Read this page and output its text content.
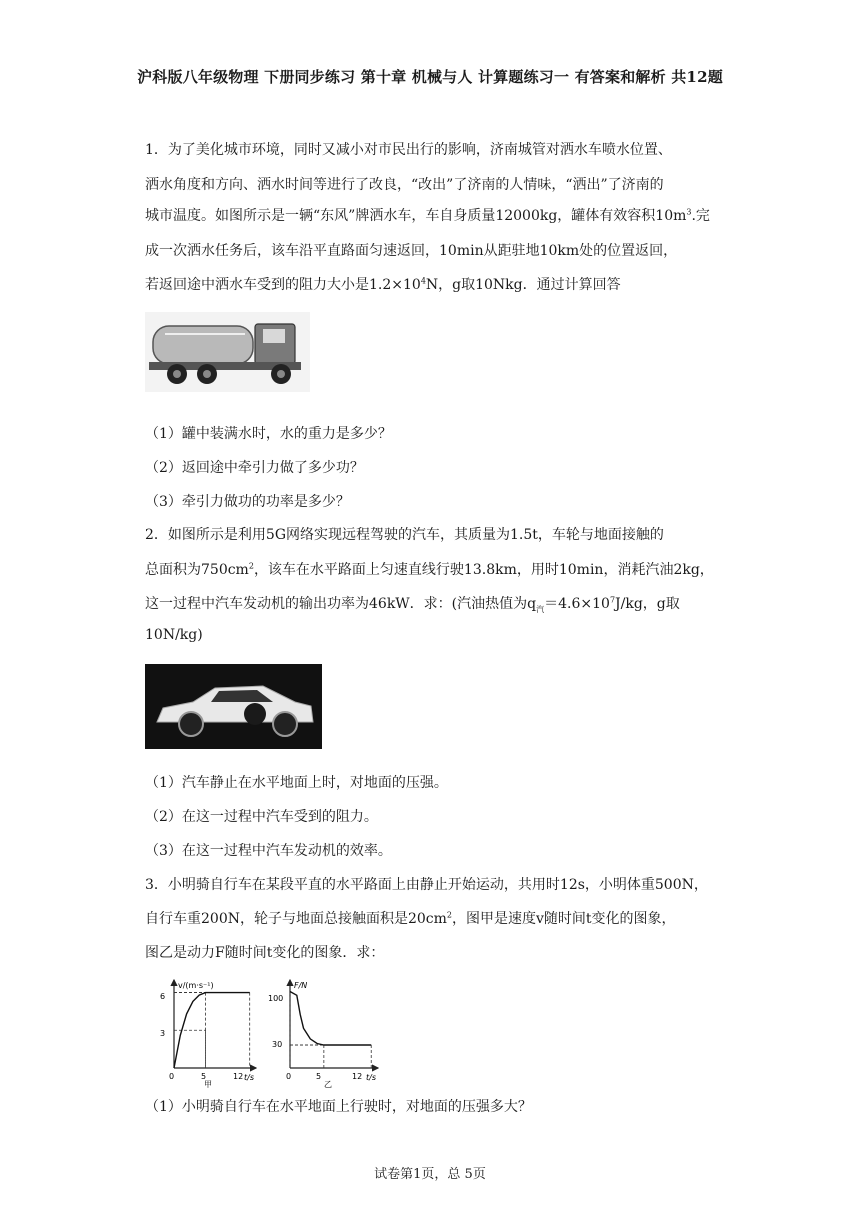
沪科版八年级物理 下册同步练习 第十章 机械与人 计算题练习一 有答案和解析 共12题
1．为了美化城市环境，同时又减小对市民出行的影响，济南城管对洒水车喷水位置、
洒水角度和方向、洒水时间等进行了改良，“改出”了济南的人情味，“洒出”了济南的
城市温度。如图所示是一辆“东风”牌洒水车，车自身质量12000kg，罐体有效容积$10m^3$.完
成一次洒水任务后，该车沿平直路面匀速返回，10min从距驻地10km处的位置返回，
若返回途中洒水车受到的阻力大小是$1.2\times 10^4N$，g取10Nkg．通过计算回答
（1）罐中装满水时，水的重力是多少？
（2）返回途中牵引力做了多少功？
（3）牵引力做功的功率是多少？
2．如图所示是利用5G网络实现远程驾驶的汽车，其质量为1.5t，车轮与地面接触的
总面积为$750cm^2$，该车在水平路面上匀速直线行驶13.8km，用时10min，消耗汽油2kg，
这一过程中汽车发动机的输出功率为46kW．求：(汽油热值为$q_汽=4.6\times 10^7J/kg$，g取
10N/kg)
（1）汽车静止在水平地面上时，对地面的压强。
（2）在这一过程中汽车受到的阻力。
（3）在这一过程中汽车发动机的效率。
3．小明骑自行车在某段平直的水平路面上由静止开始运动，共用时12s，小明体重500N，
自行车重200N，轮子与地面总接触面积是$20cm^2$，图甲是速度v随时间t变化的图象，
图乙是动力F随时间t变化的图象．求：
v/(m·s⁻¹)
t/s
0	5	12
3
6
甲
F/N
t/s
0	5	12
30
100
乙
（1）小明骑自行车在水平地面上行驶时，对地面的压强多大？
试卷第1页，总 5页
